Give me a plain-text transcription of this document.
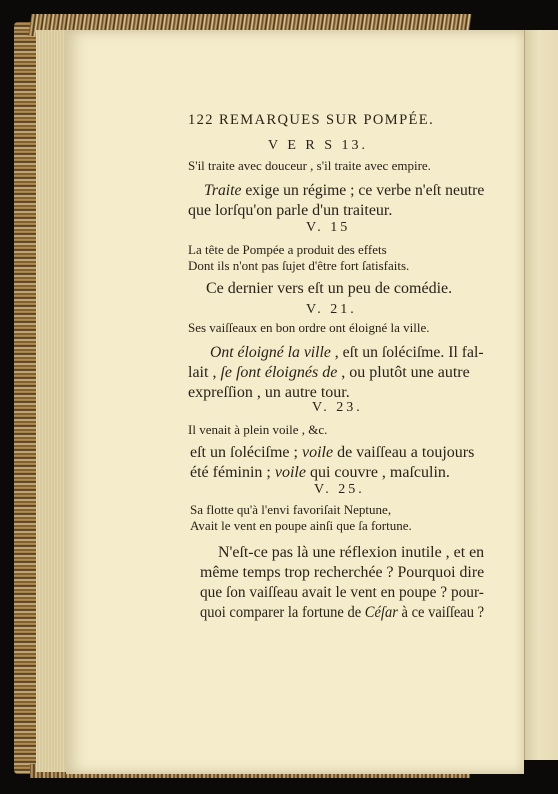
122 REMARQUES SUR POMPÉE.
V E R S 13.
S'il traite avec douceur , s'il traite avec empire.
Traite exige un régime ; ce verbe n'eſt neutre
que lorſqu'on parle d'un traiteur.
V. 15
La tête de Pompée a produit des effets
Dont ils n'ont pas ſujet d'être fort ſatisfaits.
Ce dernier vers eſt un peu de comédie.
V. 21.
Ses vaiſſeaux en bon ordre ont éloigné la ville.
Ont éloigné la ville , eſt un ſoléciſme. Il fal-
lait , ſe ſont éloignés de , ou plutôt une autre
expreſſion , un autre tour.
V. 23.
Il venait à plein voile , &c.
eſt un ſoléciſme ; voile de vaiſſeau a toujours
été féminin ; voile qui couvre , maſculin.
V. 25.
Sa flotte qu'à l'envi favoriſait Neptune,
Avait le vent en poupe ainſi que ſa fortune.
N'eſt-ce pas là une réflexion inutile , et en
même temps trop recherchée ? Pourquoi dire
que ſon vaiſſeau avait le vent en poupe ? pour-
quoi comparer la fortune de Céſar à ce vaiſſeau ?
